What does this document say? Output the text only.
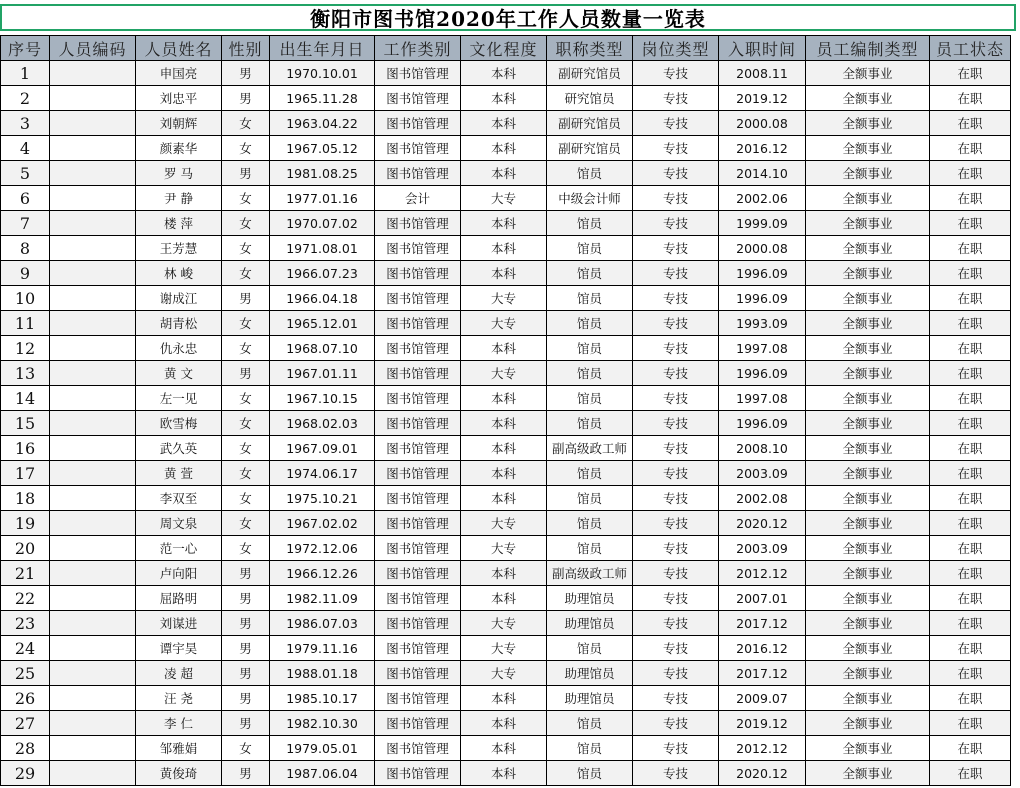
衡阳市图书馆2020年工作人员数量一览表
序号	人员编码	人员姓名	性别	出生年月日	工作类别	文化程度	职称类型	岗位类型	入职时间	员工编制类型	员工状态
1		申国亮	男	1970.10.01	图书馆管理	本科	副研究馆员	专技	2008.11	全额事业	在职
2		刘忠平	男	1965.11.28	图书馆管理	本科	研究馆员	专技	2019.12	全额事业	在职
3		刘朝辉	女	1963.04.22	图书馆管理	本科	副研究馆员	专技	2000.08	全额事业	在职
4		颜素华	女	1967.05.12	图书馆管理	本科	副研究馆员	专技	2016.12	全额事业	在职
5		罗 马	男	1981.08.25	图书馆管理	本科	馆员	专技	2014.10	全额事业	在职
6		尹 静	女	1977.01.16	会计	大专	中级会计师	专技	2002.06	全额事业	在职
7		楼 萍	女	1970.07.02	图书馆管理	本科	馆员	专技	1999.09	全额事业	在职
8		王芳慧	女	1971.08.01	图书馆管理	本科	馆员	专技	2000.08	全额事业	在职
9		林 峻	女	1966.07.23	图书馆管理	本科	馆员	专技	1996.09	全额事业	在职
10		谢成江	男	1966.04.18	图书馆管理	大专	馆员	专技	1996.09	全额事业	在职
11		胡青松	女	1965.12.01	图书馆管理	大专	馆员	专技	1993.09	全额事业	在职
12		仇永忠	女	1968.07.10	图书馆管理	本科	馆员	专技	1997.08	全额事业	在职
13		黄 文	男	1967.01.11	图书馆管理	大专	馆员	专技	1996.09	全额事业	在职
14		左一见	女	1967.10.15	图书馆管理	本科	馆员	专技	1997.08	全额事业	在职
15		欧雪梅	女	1968.02.03	图书馆管理	本科	馆员	专技	1996.09	全额事业	在职
16		武久英	女	1967.09.01	图书馆管理	本科	副高级政工师	专技	2008.10	全额事业	在职
17		黄 萱	女	1974.06.17	图书馆管理	本科	馆员	专技	2003.09	全额事业	在职
18		李双至	女	1975.10.21	图书馆管理	本科	馆员	专技	2002.08	全额事业	在职
19		周文泉	女	1967.02.02	图书馆管理	大专	馆员	专技	2020.12	全额事业	在职
20		范一心	女	1972.12.06	图书馆管理	大专	馆员	专技	2003.09	全额事业	在职
21		卢向阳	男	1966.12.26	图书馆管理	本科	副高级政工师	专技	2012.12	全额事业	在职
22		屈路明	男	1982.11.09	图书馆管理	本科	助理馆员	专技	2007.01	全额事业	在职
23		刘谋进	男	1986.07.03	图书馆管理	大专	助理馆员	专技	2017.12	全额事业	在职
24		谭宇昊	男	1979.11.16	图书馆管理	大专	馆员	专技	2016.12	全额事业	在职
25		凌 超	男	1988.01.18	图书馆管理	大专	助理馆员	专技	2017.12	全额事业	在职
26		汪 尧	男	1985.10.17	图书馆管理	本科	助理馆员	专技	2009.07	全额事业	在职
27		李 仁	男	1982.10.30	图书馆管理	本科	馆员	专技	2019.12	全额事业	在职
28		邹雅娟	女	1979.05.01	图书馆管理	本科	馆员	专技	2012.12	全额事业	在职
29		黄俊琦	男	1987.06.04	图书馆管理	本科	馆员	专技	2020.12	全额事业	在职
